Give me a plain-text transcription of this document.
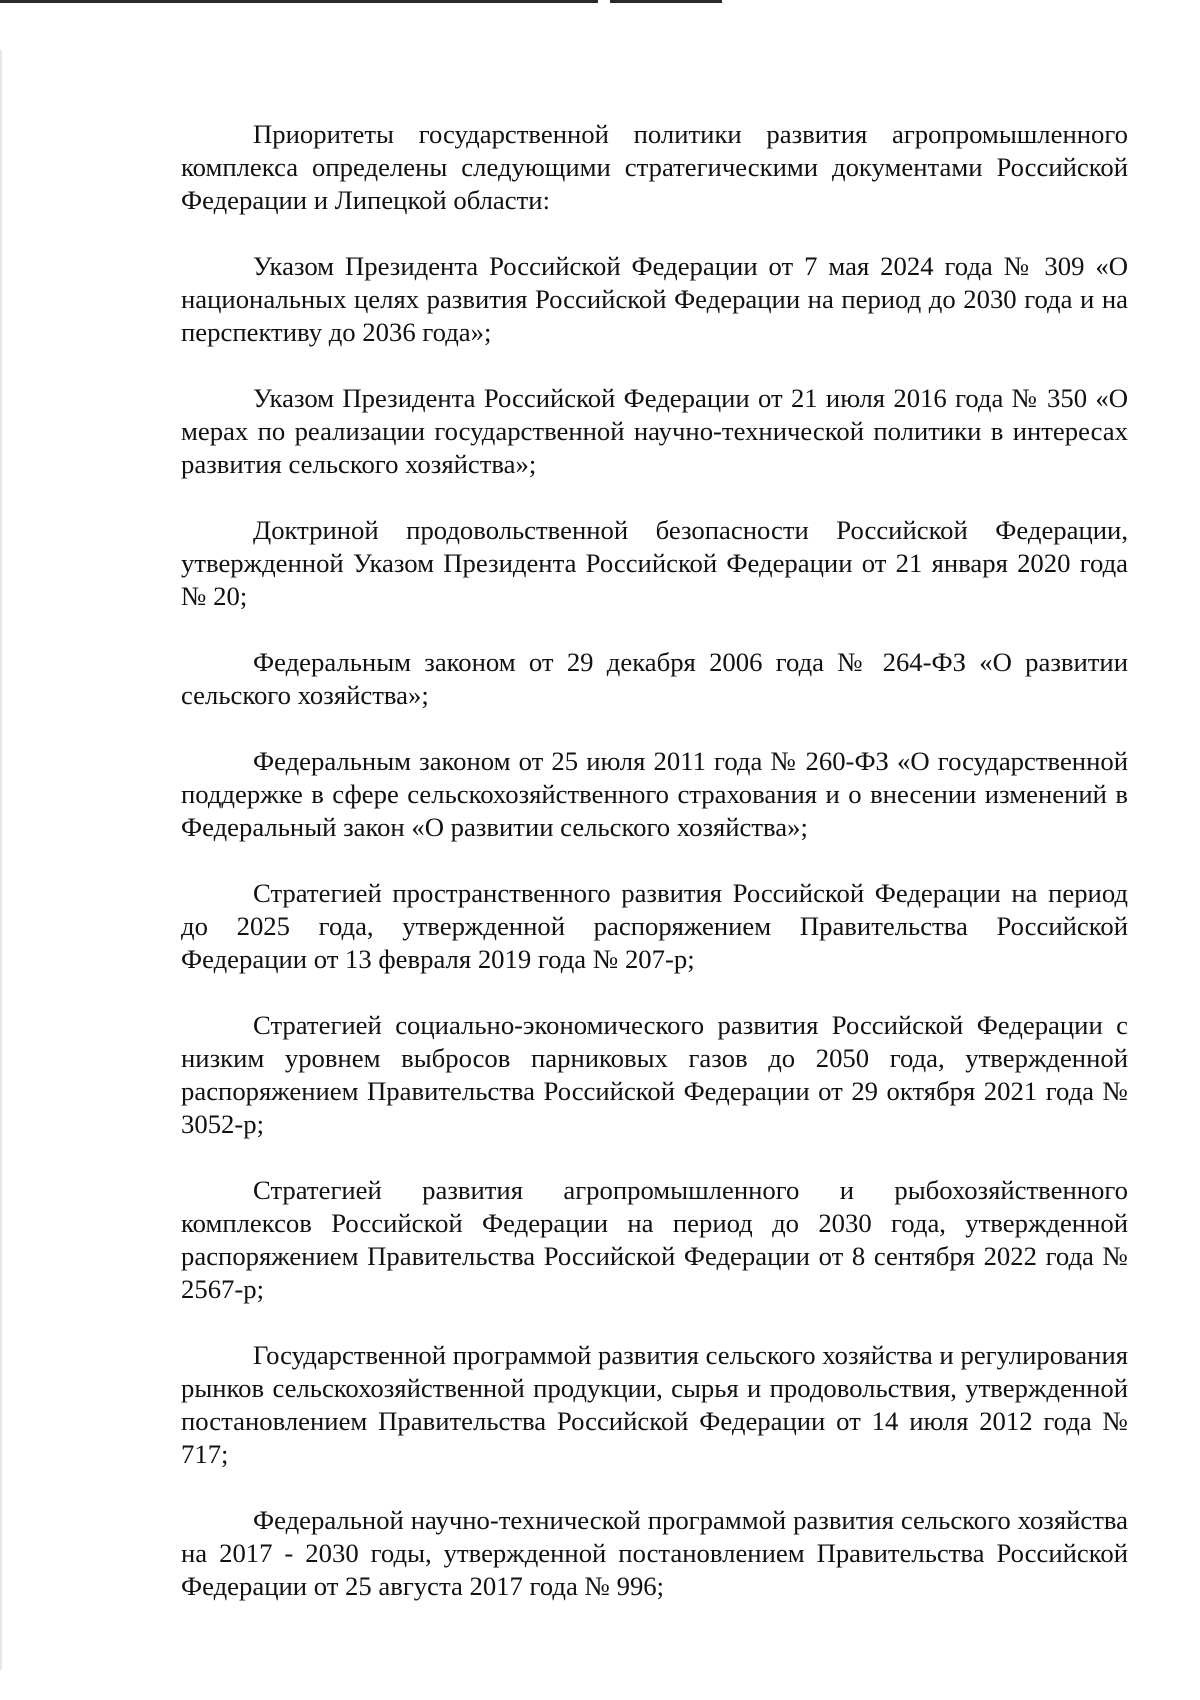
Приоритеты государственной политики развития агропромышленного комплекса определены следующими стратегическими документами Российской Федерации и Липецкой области:

Указом Президента Российской Федерации от 7 мая 2024 года № 309 «О национальных целях развития Российской Федерации на период до 2030 года и на перспективу до 2036 года»;

Указом Президента Российской Федерации от 21 июля 2016 года № 350 «О мерах по реализации государственной научно-технической политики в интересах развития сельского хозяйства»;

Доктриной продовольственной безопасности Российской Федерации, утвержденной Указом Президента Российской Федерации от 21 января 2020 года № 20;

Федеральным законом от 29 декабря 2006 года № 264-ФЗ «О развитии сельского хозяйства»;

Федеральным законом от 25 июля 2011 года № 260-ФЗ «О государственной поддержке в сфере сельскохозяйственного страхования и о внесении изменений в Федеральный закон «О развитии сельского хозяйства»;

Стратегией пространственного развития Российской Федерации на период до 2025 года, утвержденной распоряжением Правительства Российской Федерации от 13 февраля 2019 года № 207-р;

Стратегией социально-экономического развития Российской Федерации с низким уровнем выбросов парниковых газов до 2050 года, утвержденной распоряжением Правительства Российской Федерации от 29 октября 2021 года № 3052-р;

Стратегией развития агропромышленного и рыбохозяйственного комплексов Российской Федерации на период до 2030 года, утвержденной распоряжением Правительства Российской Федерации от 8 сентября 2022 года № 2567-р;

Государственной программой развития сельского хозяйства и регулирования рынков сельскохозяйственной продукции, сырья и продовольствия, утвержденной постановлением Правительства Российской Федерации от 14 июля 2012 года № 717;

Федеральной научно-технической программой развития сельского хозяйства на 2017 - 2030 годы, утвержденной постановлением Правительства Российской Федерации от 25 августа 2017 года № 996;
